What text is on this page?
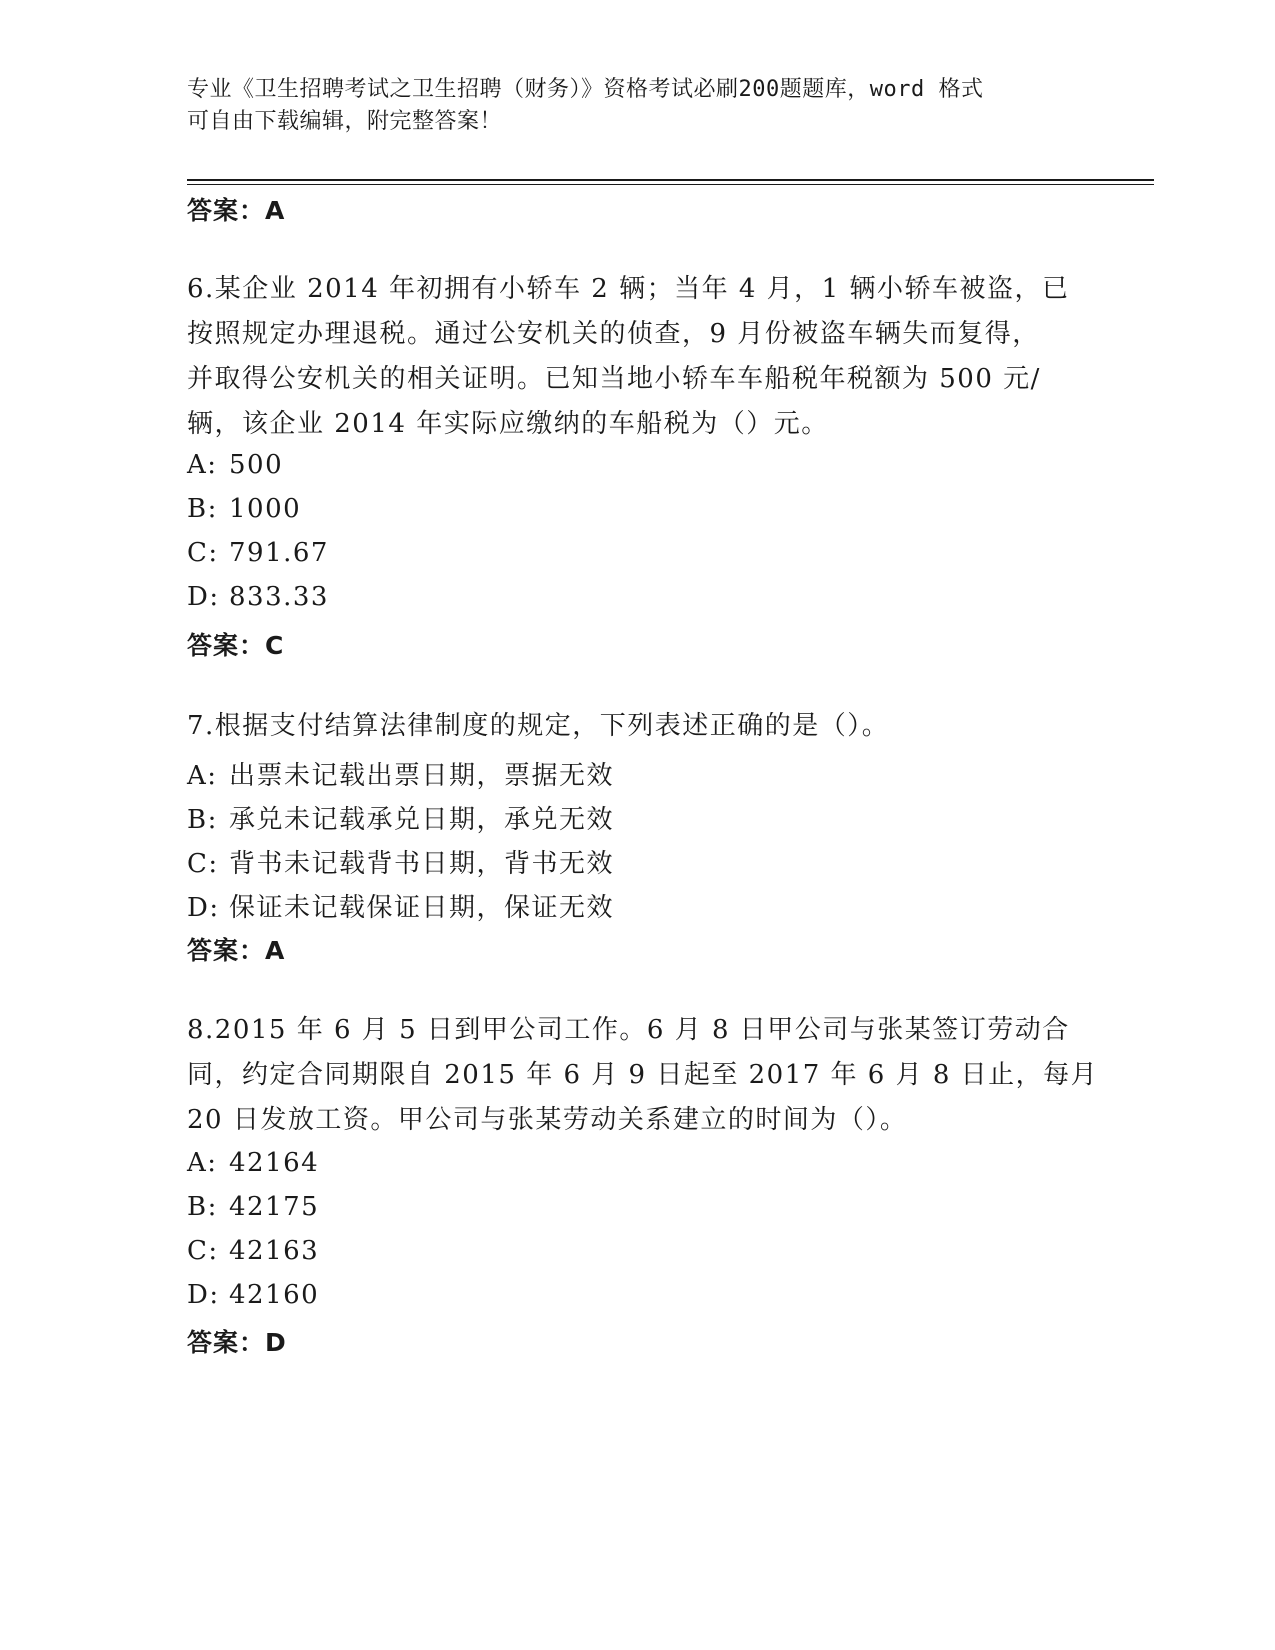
专业《卫生招聘考试之卫生招聘（财务）》资格考试必刷200题题库，word 格式
可自由下载编辑，附完整答案！
答案：A
6.某企业 2014 年初拥有小轿车 2 辆；当年 4 月，1 辆小轿车被盗，已
按照规定办理退税。通过公安机关的侦查，9 月份被盗车辆失而复得，
并取得公安机关的相关证明。已知当地小轿车车船税年税额为 500 元/
辆，该企业 2014 年实际应缴纳的车船税为（）元。
A: 500
B: 1000
C: 791.67
D: 833.33
答案：C
7.根据支付结算法律制度的规定，下列表述正确的是（）。
A: 出票未记载出票日期，票据无效
B: 承兑未记载承兑日期，承兑无效
C: 背书未记载背书日期，背书无效
D: 保证未记载保证日期，保证无效
答案：A
8.2015 年 6 月 5 日到甲公司工作。6 月 8 日甲公司与张某签订劳动合
同，约定合同期限自 2015 年 6 月 9 日起至 2017 年 6 月 8 日止，每月
20 日发放工资。甲公司与张某劳动关系建立的时间为（）。
A: 42164
B: 42175
C: 42163
D: 42160
答案：D
